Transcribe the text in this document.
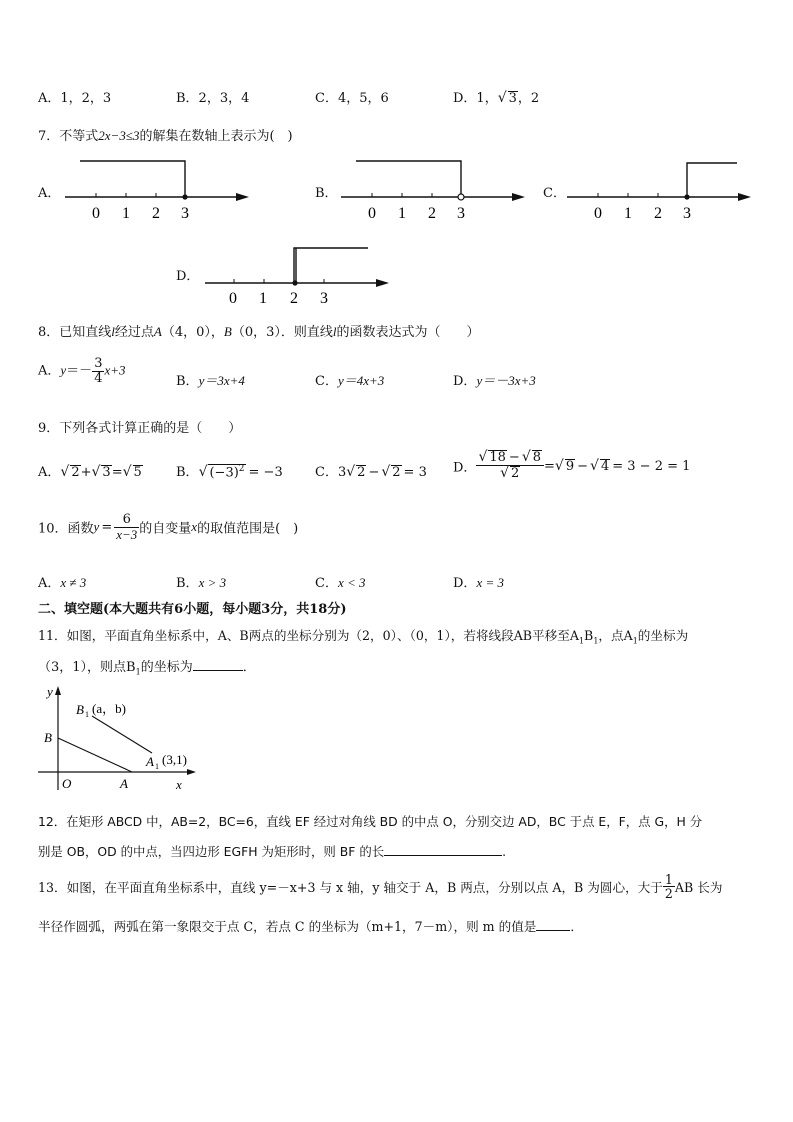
A．1，2，3	B．2，3，4	C．4，5，6	D．1，√ 3，2
7．不等式2x−3≤3的解集在数轴上表示为(　)
A．
0 1 2 3
B．
0 1 2 3
C．
0 1 2 3
D．
0 1 2 3
8．已知直线l经过点A（4，0），B（0，3）．则直线l的函数表达式为（　　）
A．$y=- \frac{3}{4} x+3$
B．y＝3x+4	C．y＝4x+3	D．y＝－3x+3
9．下列各式计算正确的是（　　）
A．√ 2+√ 3=√ 5	B．√ $(-3)^2 = -3$ C．3√ 2 − √ 2 = 3 D． $\frac{√ 18 - √ 8}{√ 2}$ =√ 9 − √ 4 = 3 − 2 = 1
10．函数$y = \frac{6}{x-3}$ 的自变量x的取值范围是(　)
A．x ≠ 3	B．x > 3	C．x < 3	D．x = 3
二、填空题(本大题共有6小题，每小题3分，共18分)
11．如图，平面直角坐标系中，A、B两点的坐标分别为（2，0）、（0，1），若将线段AB平移至$A_1B_1$，点$A_1$的坐标为
（3，1），则点$B_1$的坐标为	．
y
x
O	A
B
B 1 (a，b)
A 1 (3,1)
12．在矩形 ABCD 中，AB=2，BC=6，直线 EF 经过对角线 BD 的中点 O，分别交边 AD，BC 于点 E，F，点 G，H 分
别是 OB，OD 的中点，当四边形 EGFH 为矩形时，则 BF 的长	.
13．如图，在平面直角坐标系中，直线 y=－x+3 与 x 轴，y 轴交于 A，B 两点，分别以点 A，B 为圆心，大于 $\frac{1}{2}$ AB 长为
半径作圆弧，两弧在第一象限交于点 C，若点 C 的坐标为（m+1，7－m），则 m 的值是	．
